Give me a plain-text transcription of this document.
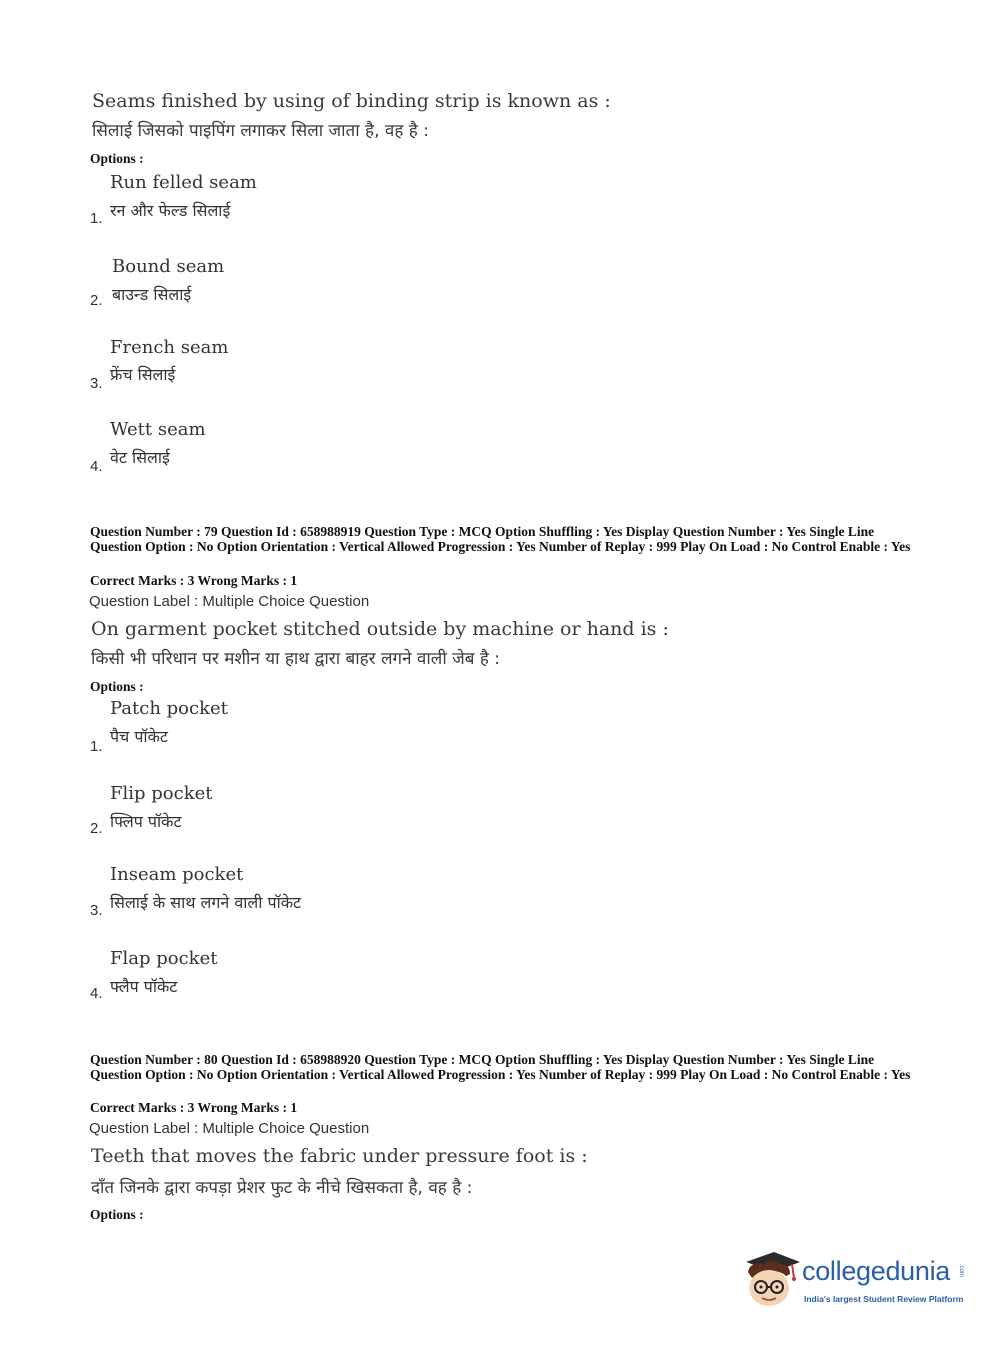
Seams finished by using of binding strip is known as :
सिलाई जिसको पाइपिंग लगाकर सिला जाता है, वह है :
Options :
Run felled seam
रन और फेल्ड सिलाई
1.
Bound seam
बाउन्ड सिलाई
2.
French seam
फ्रेंच सिलाई
3.
Wett seam
वेट सिलाई
4.
Question Number : 79 Question Id : 658988919 Question Type : MCQ Option Shuffling : Yes Display Question Number : Yes Single Line Question Option : No Option Orientation : Vertical Allowed Progression : Yes Number of Replay : 999 Play On Load : No Control Enable : Yes
Correct Marks : 3 Wrong Marks : 1
Question Label : Multiple Choice Question
On garment pocket stitched outside by machine or hand is :
किसी भी परिधान पर मशीन या हाथ द्वारा बाहर लगने वाली जेब है :
Options :
Patch pocket
पैच पॉकेट
1.
Flip pocket
फ्लिप पॉकेट
2.
Inseam pocket
सिलाई के साथ लगने वाली पॉकेट
3.
Flap pocket
फ्लैप पॉकेट
4.
Question Number : 80 Question Id : 658988920 Question Type : MCQ Option Shuffling : Yes Display Question Number : Yes Single Line Question Option : No Option Orientation : Vertical Allowed Progression : Yes Number of Replay : 999 Play On Load : No Control Enable : Yes
Correct Marks : 3 Wrong Marks : 1
Question Label : Multiple Choice Question
Teeth that moves the fabric under pressure foot is :
दाँत जिनके द्वारा कपड़ा प्रेशर फुट के नीचे खिसकता है, वह है :
Options :
collegedunia .com
India's largest Student Review Platform
